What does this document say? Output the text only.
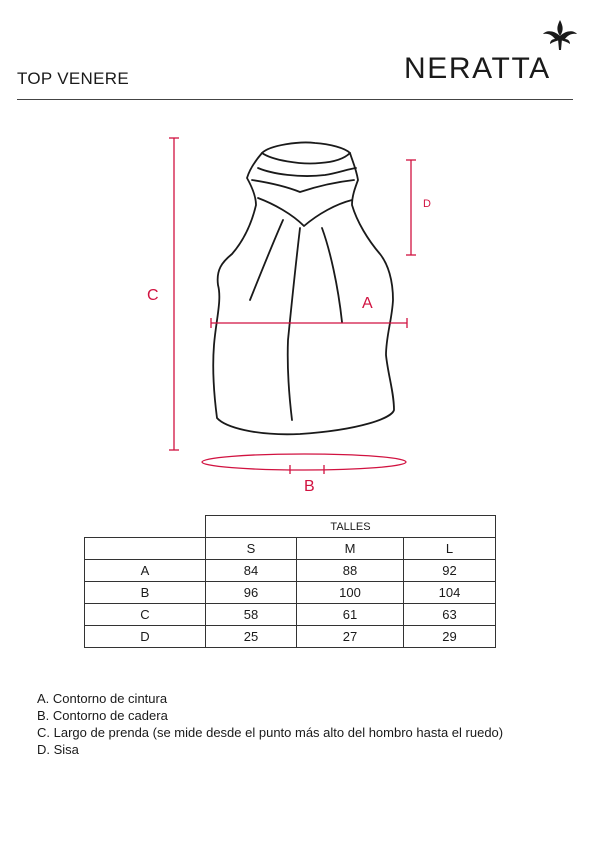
TOP VENERE	NERATTA
A
B
C
D
	TALLES		
	S	M	L
A	84	88	92
B	96	100	104
C	58	61	63
D	25	27	29
A. Contorno de cintura
B. Contorno de cadera
C. Largo de prenda (se mide desde el punto más alto del hombro hasta el ruedo)
D. Sisa
